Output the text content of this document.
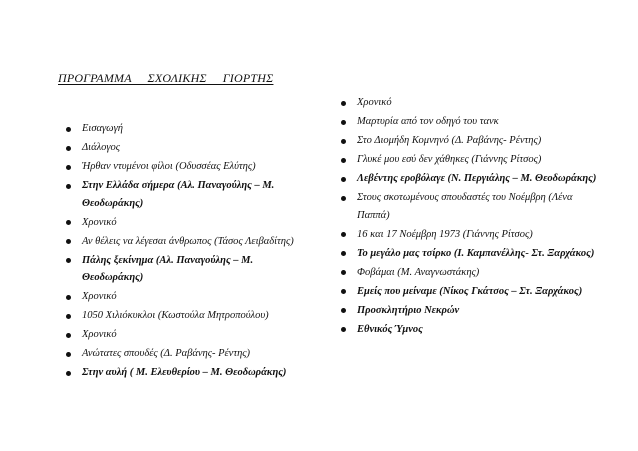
ΠΡΟΓΡΑΜΜΑ     ΣΧΟΛΙΚΗΣ     ΓΙΟΡΤΗΣ
Εισαγωγή
Διάλογος
Ήρθαν ντυμένοι φίλοι (Οδυσσέας Ελύτης)
Στην Ελλάδα σήμερα (Αλ. Παναγούλης – Μ. Θεοδωράκης)
Χρονικό
Αν θέλεις να λέγεσαι άνθρωπος (Τάσος Λειβαδίτης)
Πάλης ξεκίνημα (Αλ. Παναγούλης – Μ. Θεοδωράκης)
Χρονικό
1050 Χιλιόκυκλοι (Κωστούλα Μητροπούλου)
Χρονικό
Ανώτατες σπουδές (Δ. Ραβάνης- Ρέντης)
Στην αυλή ( Μ. Ελευθερίου – Μ. Θεοδωράκης)
Χρονικό
Μαρτυρία από τον οδηγό του τανκ
Στο Διομήδη Κομνηνό (Δ. Ραβάνης- Ρέντης)
Γλυκέ μου εσύ δεν χάθηκες (Γιάννης Ρίτσος)
Λεβέντης εροβόλαγε (Ν. Περγιάλης – Μ. Θεοδωράκης)
Στους σκοτωμένους σπουδαστές του Νοέμβρη (Λένα Παππά)
16 και 17 Νοέμβρη 1973 (Γιάννης Ρίτσος)
Το μεγάλο μας τσίρκο (Ι. Καμπανέλλης- Στ. Ξαρχάκος)
Φοβάμαι (Μ. Αναγνωστάκης)
Εμείς που μείναμε (Νίκος Γκάτσος – Στ. Ξαρχάκος)
Προσκλητήριο Νεκρών
Εθνικός Ύμνος
